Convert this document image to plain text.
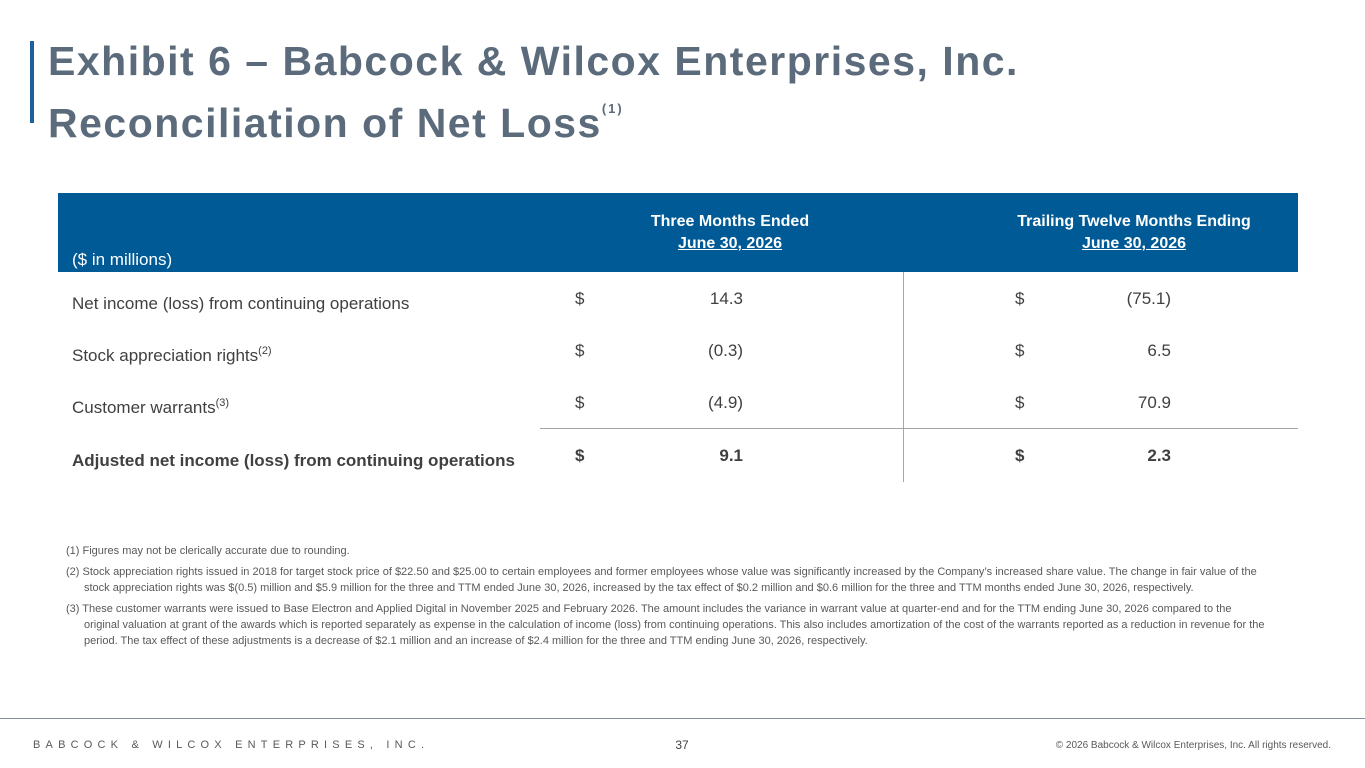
Exhibit 6 – Babcock & Wilcox Enterprises, Inc.
Reconciliation of Net Loss$^{(1)}$
($ in millions)
Three Months Ended
June 30, 2026
Trailing Twelve Months Ending
June 30, 2026
Net income (loss) from continuing operations	$	14.3	$	(75.1)
Stock appreciation rights$^{(2)}$	$	(0.3)	$	6.5
Customer warrants$^{(3)}$	$	(4.9)	$	70.9
Adjusted net income (loss) from continuing operations	$	9.1	$	2.3

(1) Figures may not be clerically accurate due to rounding.

(2) Stock appreciation rights issued in 2018 for target stock price of $22.50 and $25.00 to certain employees and former employees whose value was significantly increased by the Company’s increased share value. The change in fair value of the stock appreciation rights was $(0.5) million and $5.9 million for the three and TTM ended June 30, 2026, increased by the tax effect of $0.2 million and $0.6 million for the three and TTM months ended June 30, 2026, respectively.

(3) These customer warrants were issued to Base Electron and Applied Digital in November 2025 and February 2026. The amount includes the variance in warrant value at quarter-end and for the TTM ending June 30, 2026 compared to the original valuation at grant of the awards which is reported separately as expense in the calculation of income (loss) from continuing operations. This also includes amortization of the cost of the warrants reported as a reduction in revenue for the period. The tax effect of these adjustments is a decrease of $2.1 million and an increase of $2.4 million for the three and TTM ending June 30, 2026, respectively.

BABCOCK & WILCOX ENTERPRISES, INC.	37	© 2026 Babcock & Wilcox Enterprises, Inc. All rights reserved.
